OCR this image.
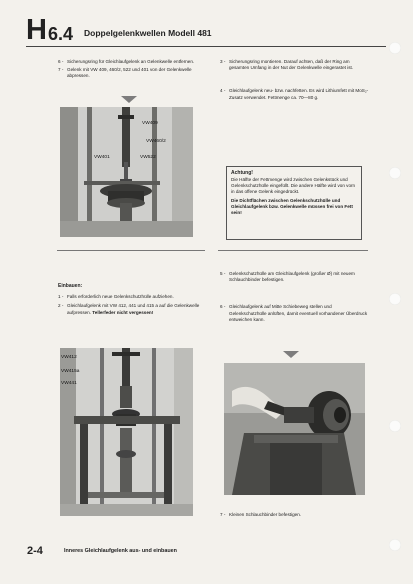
H 6.4 Doppelgelenkwellen Modell 481
6 - Sicherungsring für Gleichlaufgelenk an Gelenkwelle entfernen.
7 - Gelenk mit VW 409, 460/2, 522 und 401 von der Gelenkwelle abpressen.
VW409
VW460/2
VW522
VW401
3 - Sicherungsring montieren. Darauf achten, daß der Ring am gesamten Umfang in der Nut der Gelenkwelle eingerastet ist.
4 - Gleichlaufgelenk neu- bzw. nachfetten. Es wird Lithiumfett mit MoS₂-Zusatz verwendet. Fettmenge ca. 70—80 g.
Achtung!

Die Hälfte der Fettmenge wird zwischen Gelenkstück und Gelenkschutzhülle eingefüllt. Die andere Hälfte wird von vorn in das offene Gelenk eingedrückt.

Die Dichtflächen zwischen Gelenkschutzhülle und Gleichlaufgelenk bzw. Gelenkwelle müssen frei von Fett sein!

Einbauen:
1 - Falls erforderlich neue Gelenkschutzhülle aufziehen.
2 - Gleichlaufgelenk mit VW 412, 441 und 415 a auf die Gelenkwelle aufpressen. Tellerfeder nicht vergessen!
VW412
VW415a
VW441
5 - Gelenkschutzhülle am Gleichlaufgelenk (großer Ø) mit neuem Schlauchbinder befestigen.
6 - Gleichlaufgelenk auf Mitte Schiebeweg stellen und Gelenkschutzhülle anlüften, damit eventuell vorhandener Überdruck entweichen kann.
7 - Kleinen Schlauchbinder befestigen.
2-4	Inneres Gleichlaufgelenk aus- und einbauen
